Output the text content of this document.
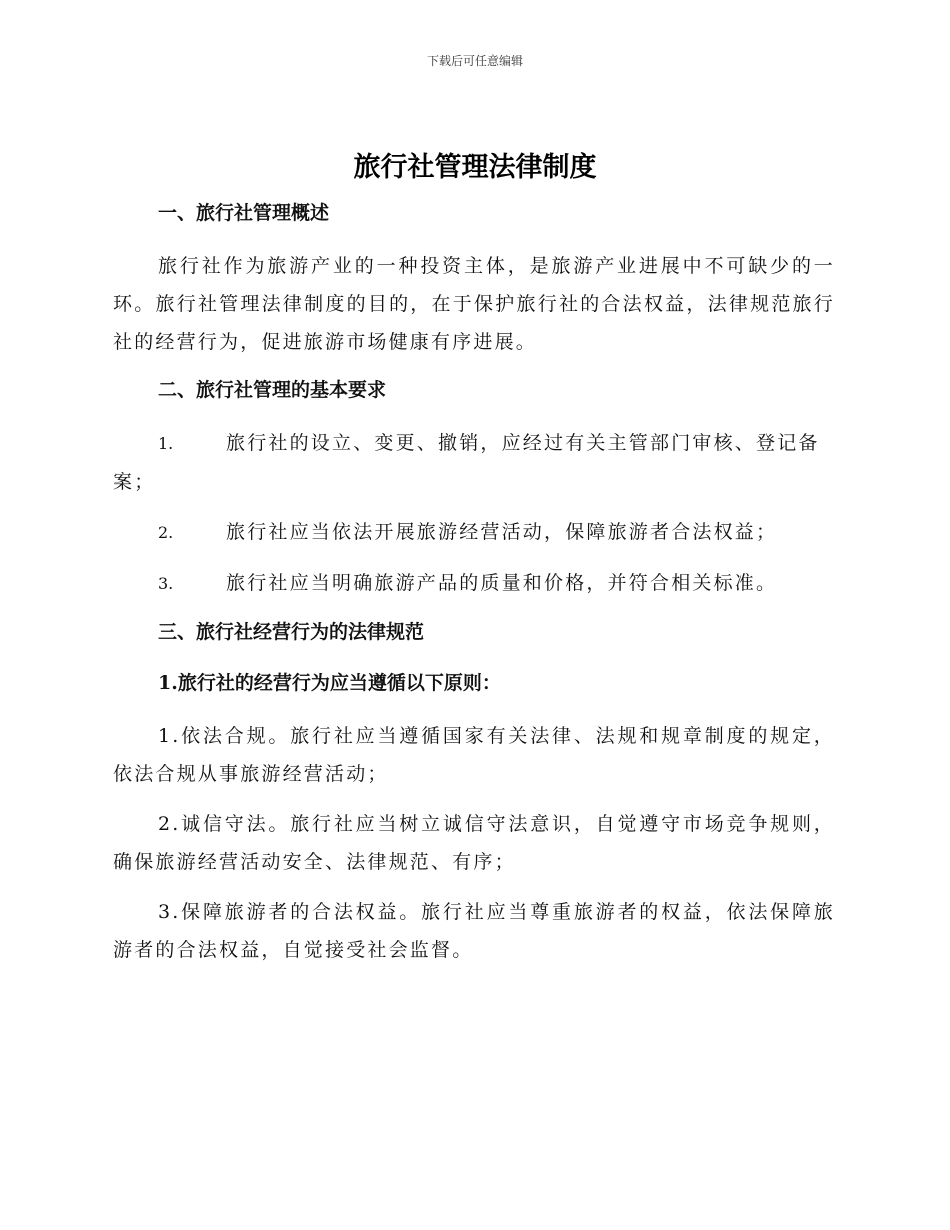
下载后可任意编辑
旅行社管理法律制度
一、旅行社管理概述

旅行社作为旅游产业的一种投资主体，是旅游产业进展中不可缺少的一环。旅行社管理法律制度的目的，在于保护旅行社的合法权益，法律规范旅行社的经营行为，促进旅游市场健康有序进展。

二、旅行社管理的基本要求

1.	旅行社的设立、变更、撤销，应经过有关主管部门审核、登记备案；

2.	旅行社应当依法开展旅游经营活动，保障旅游者合法权益；

3.	旅行社应当明确旅游产品的质量和价格，并符合相关标准。

三、旅行社经营行为的法律规范
1.旅行社的经营行为应当遵循以下原则：

1.依法合规。旅行社应当遵循国家有关法律、法规和规章制度的规定，依法合规从事旅游经营活动；

2.诚信守法。旅行社应当树立诚信守法意识，自觉遵守市场竞争规则，确保旅游经营活动安全、法律规范、有序；

3.保障旅游者的合法权益。旅行社应当尊重旅游者的权益，依法保障旅游者的合法权益，自觉接受社会监督。
